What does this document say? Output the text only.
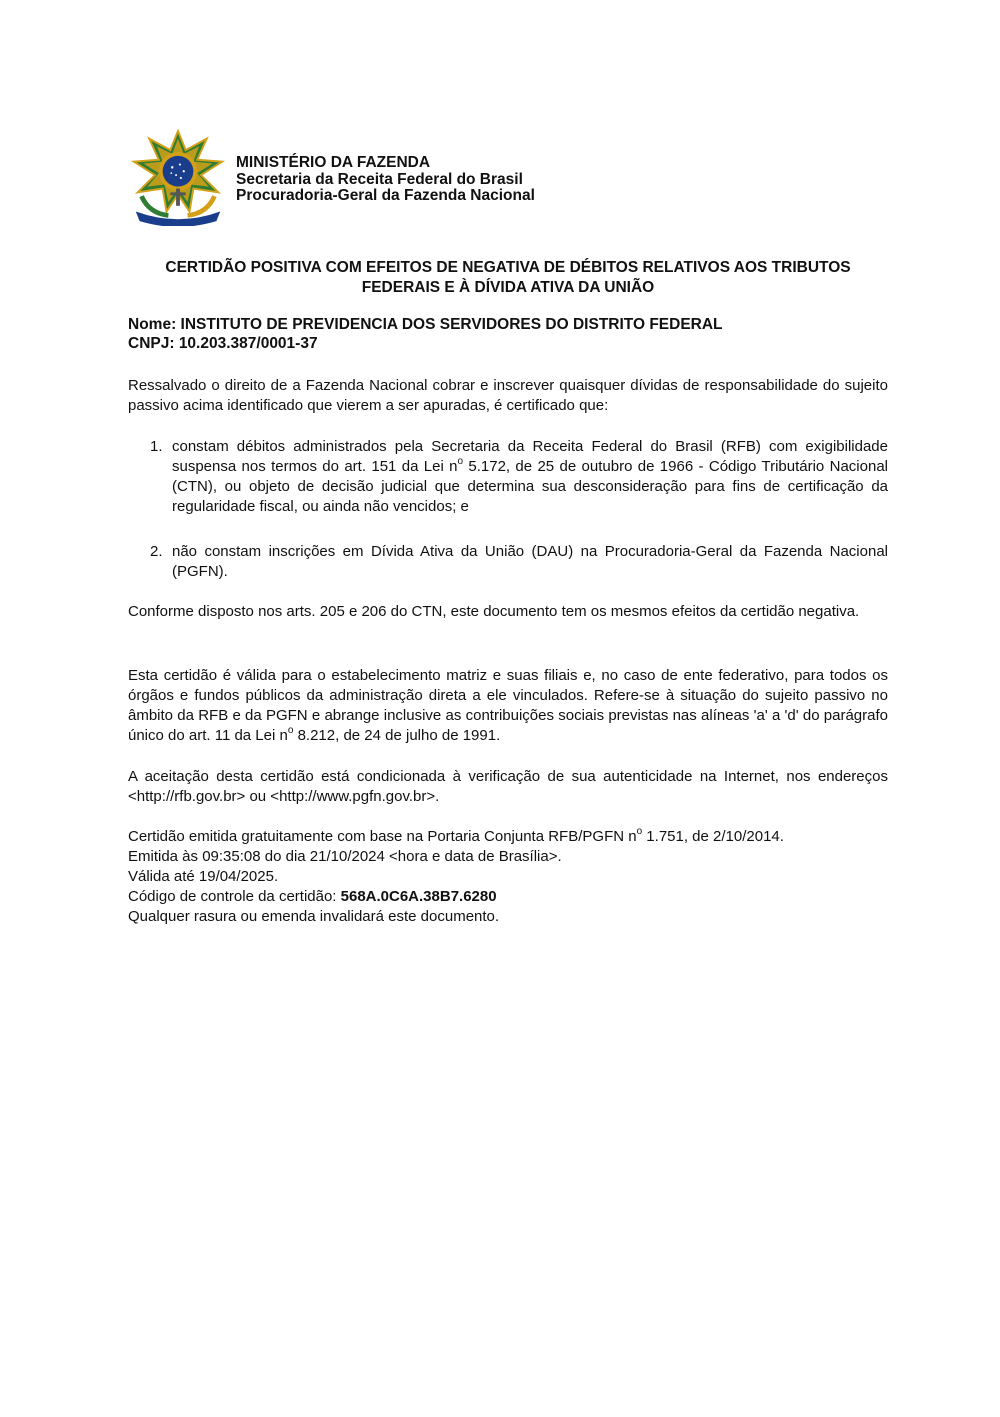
MINISTÉRIO DA FAZENDA
Secretaria da Receita Federal do Brasil
Procuradoria-Geral da Fazenda Nacional
CERTIDÃO POSITIVA COM EFEITOS DE NEGATIVA DE DÉBITOS RELATIVOS AOS TRIBUTOS
FEDERAIS E À DÍVIDA ATIVA DA UNIÃO
Nome: INSTITUTO DE PREVIDENCIA DOS SERVIDORES DO DISTRITO FEDERAL
CNPJ: 10.203.387/0001-37

Ressalvado o direito de a Fazenda Nacional cobrar e inscrever quaisquer dívidas de responsabilidade do sujeito passivo acima identificado que vierem a ser apuradas, é certificado que:

1. constam débitos administrados pela Secretaria da Receita Federal do Brasil (RFB) com exigibilidade suspensa nos termos do art. 151 da Lei $n^o$ 5.172, de 25 de outubro de 1966 - Código Tributário Nacional (CTN), ou objeto de decisão judicial que determina sua desconsideração para fins de certificação da regularidade fiscal, ou ainda não vencidos; e
2. não constam inscrições em Dívida Ativa da União (DAU) na Procuradoria-Geral da Fazenda Nacional (PGFN).

Conforme disposto nos arts. 205 e 206 do CTN, este documento tem os mesmos efeitos da certidão negativa.

Esta certidão é válida para o estabelecimento matriz e suas filiais e, no caso de ente federativo, para todos os órgãos e fundos públicos da administração direta a ele vinculados. Refere-se à situação do sujeito passivo no âmbito da RFB e da PGFN e abrange inclusive as contribuições sociais previstas nas alíneas 'a' a 'd' do parágrafo único do art. 11 da Lei $n^o$ 8.212, de 24 de julho de 1991.

A aceitação desta certidão está condicionada à verificação de sua autenticidade na Internet, nos endereços <http://rfb.gov.br> ou <http://www.pgfn.gov.br>.

Certidão emitida gratuitamente com base na Portaria Conjunta RFB/PGFN $n^o$ 1.751, de 2/10/2014.
Emitida às 09:35:08 do dia 21/10/2024 <hora e data de Brasília>.
Válida até 19/04/2025.
Código de controle da certidão: 568A.0C6A.38B7.6280
Qualquer rasura ou emenda invalidará este documento.
